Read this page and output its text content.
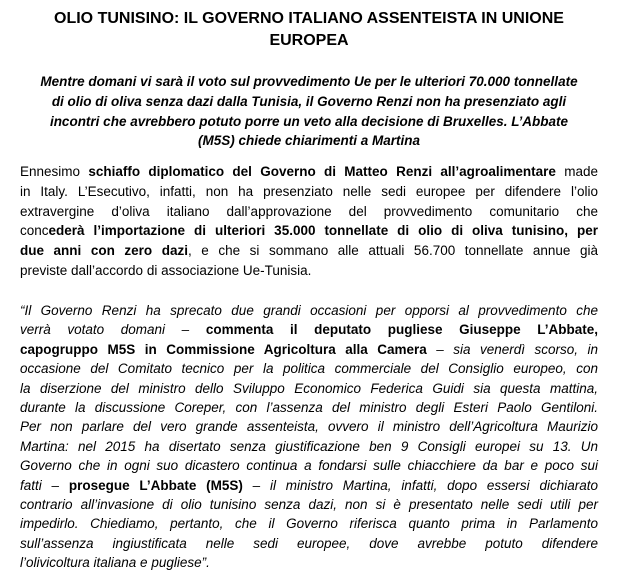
OLIO TUNISINO: IL GOVERNO ITALIANO ASSENTEISTA IN UNIONE
EUROPEA
Mentre domani vi sarà il voto sul provvedimento Ue per le ulteriori 70.000 tonnellate
di olio di oliva senza dazi dalla Tunisia, il Governo Renzi non ha presenziato agli
incontri che avrebbero potuto porre un veto alla decisione di Bruxelles. L’Abbate
(M5S) chiede chiarimenti a Martina
Ennesimo schiaffo diplomatico del Governo di Matteo Renzi all’agroalimentare made
in Italy. L’Esecutivo, infatti, non ha presenziato nelle sedi europee per difendere l’olio
extravergine d’oliva italiano dall’approvazione del provvedimento comunitario che
concederà l’importazione di ulteriori 35.000 tonnellate di olio di oliva tunisino, per
due anni con zero dazi, e che si sommano alle attuali 56.700 tonnellate annue già
previste dall’accordo di associazione Ue-Tunisia.
“Il Governo Renzi ha sprecato due grandi occasioni per opporsi al provvedimento che
verrà votato domani – commenta il deputato pugliese Giuseppe L’Abbate,
capogruppo M5S in Commissione Agricoltura alla Camera – sia venerdì scorso, in
occasione del Comitato tecnico per la politica commerciale del Consiglio europeo, con
la diserzione del ministro dello Sviluppo Economico Federica Guidi sia questa mattina,
durante la discussione Coreper, con l’assenza del ministro degli Esteri Paolo Gentiloni.
Per non parlare del vero grande assenteista, ovvero il ministro dell’Agricoltura Maurizio
Martina: nel 2015 ha disertato senza giustificazione ben 9 Consigli europei su 13. Un
Governo che in ogni suo dicastero continua a fondarsi sulle chiacchiere da bar e poco sui
fatti – prosegue L’Abbate (M5S) – il ministro Martina, infatti, dopo essersi dichiarato
contrario all’invasione di olio tunisino senza dazi, non si è presentato nelle sedi utili per
impedirlo. Chiediamo, pertanto, che il Governo riferisca quanto prima in Parlamento
sull’assenza ingiustificata nelle sedi europee, dove avrebbe potuto difendere
l’olivicoltura italiana e pugliese”.
